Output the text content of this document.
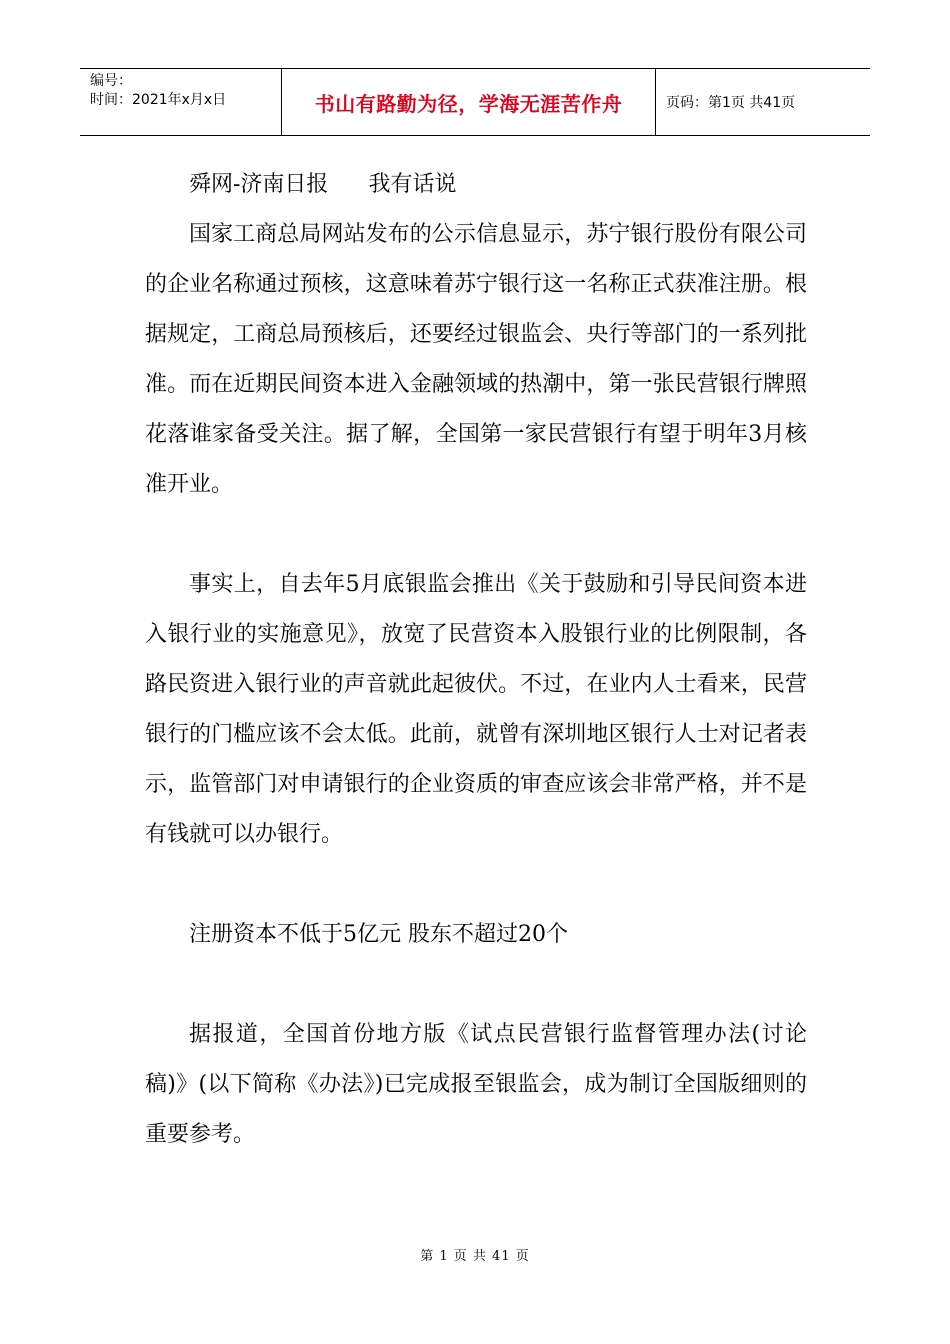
编号：
时间：2021年x月x日	书山有路勤为径，学海无涯苦作舟	页码：第1页 共41页

舜网-济南日报 我有话说

国家工商总局网站发布的公示信息显示，苏宁银行股份有限公司的企业名称通过预核，这意味着苏宁银行这一名称正式获准注册。根据规定，工商总局预核后，还要经过银监会、央行等部门的一系列批准。而在近期民间资本进入金融领域的热潮中，第一张民营银行牌照花落谁家备受关注。据了解，全国第一家民营银行有望于明年3月核准开业。

事实上，自去年5月底银监会推出《关于鼓励和引导民间资本进入银行业的实施意见》，放宽了民营资本入股银行业的比例限制，各路民资进入银行业的声音就此起彼伏。不过，在业内人士看来，民营银行的门槛应该不会太低。此前，就曾有深圳地区银行人士对记者表示，监管部门对申请银行的企业资质的审查应该会非常严格，并不是有钱就可以办银行。

注册资本不低于5亿元 股东不超过20个

据报道，全国首份地方版《试点民营银行监督管理办法(讨论稿)》(以下简称《办法》)已完成报至银监会，成为制订全国版细则的重要参考。

第 1 页 共 41 页
